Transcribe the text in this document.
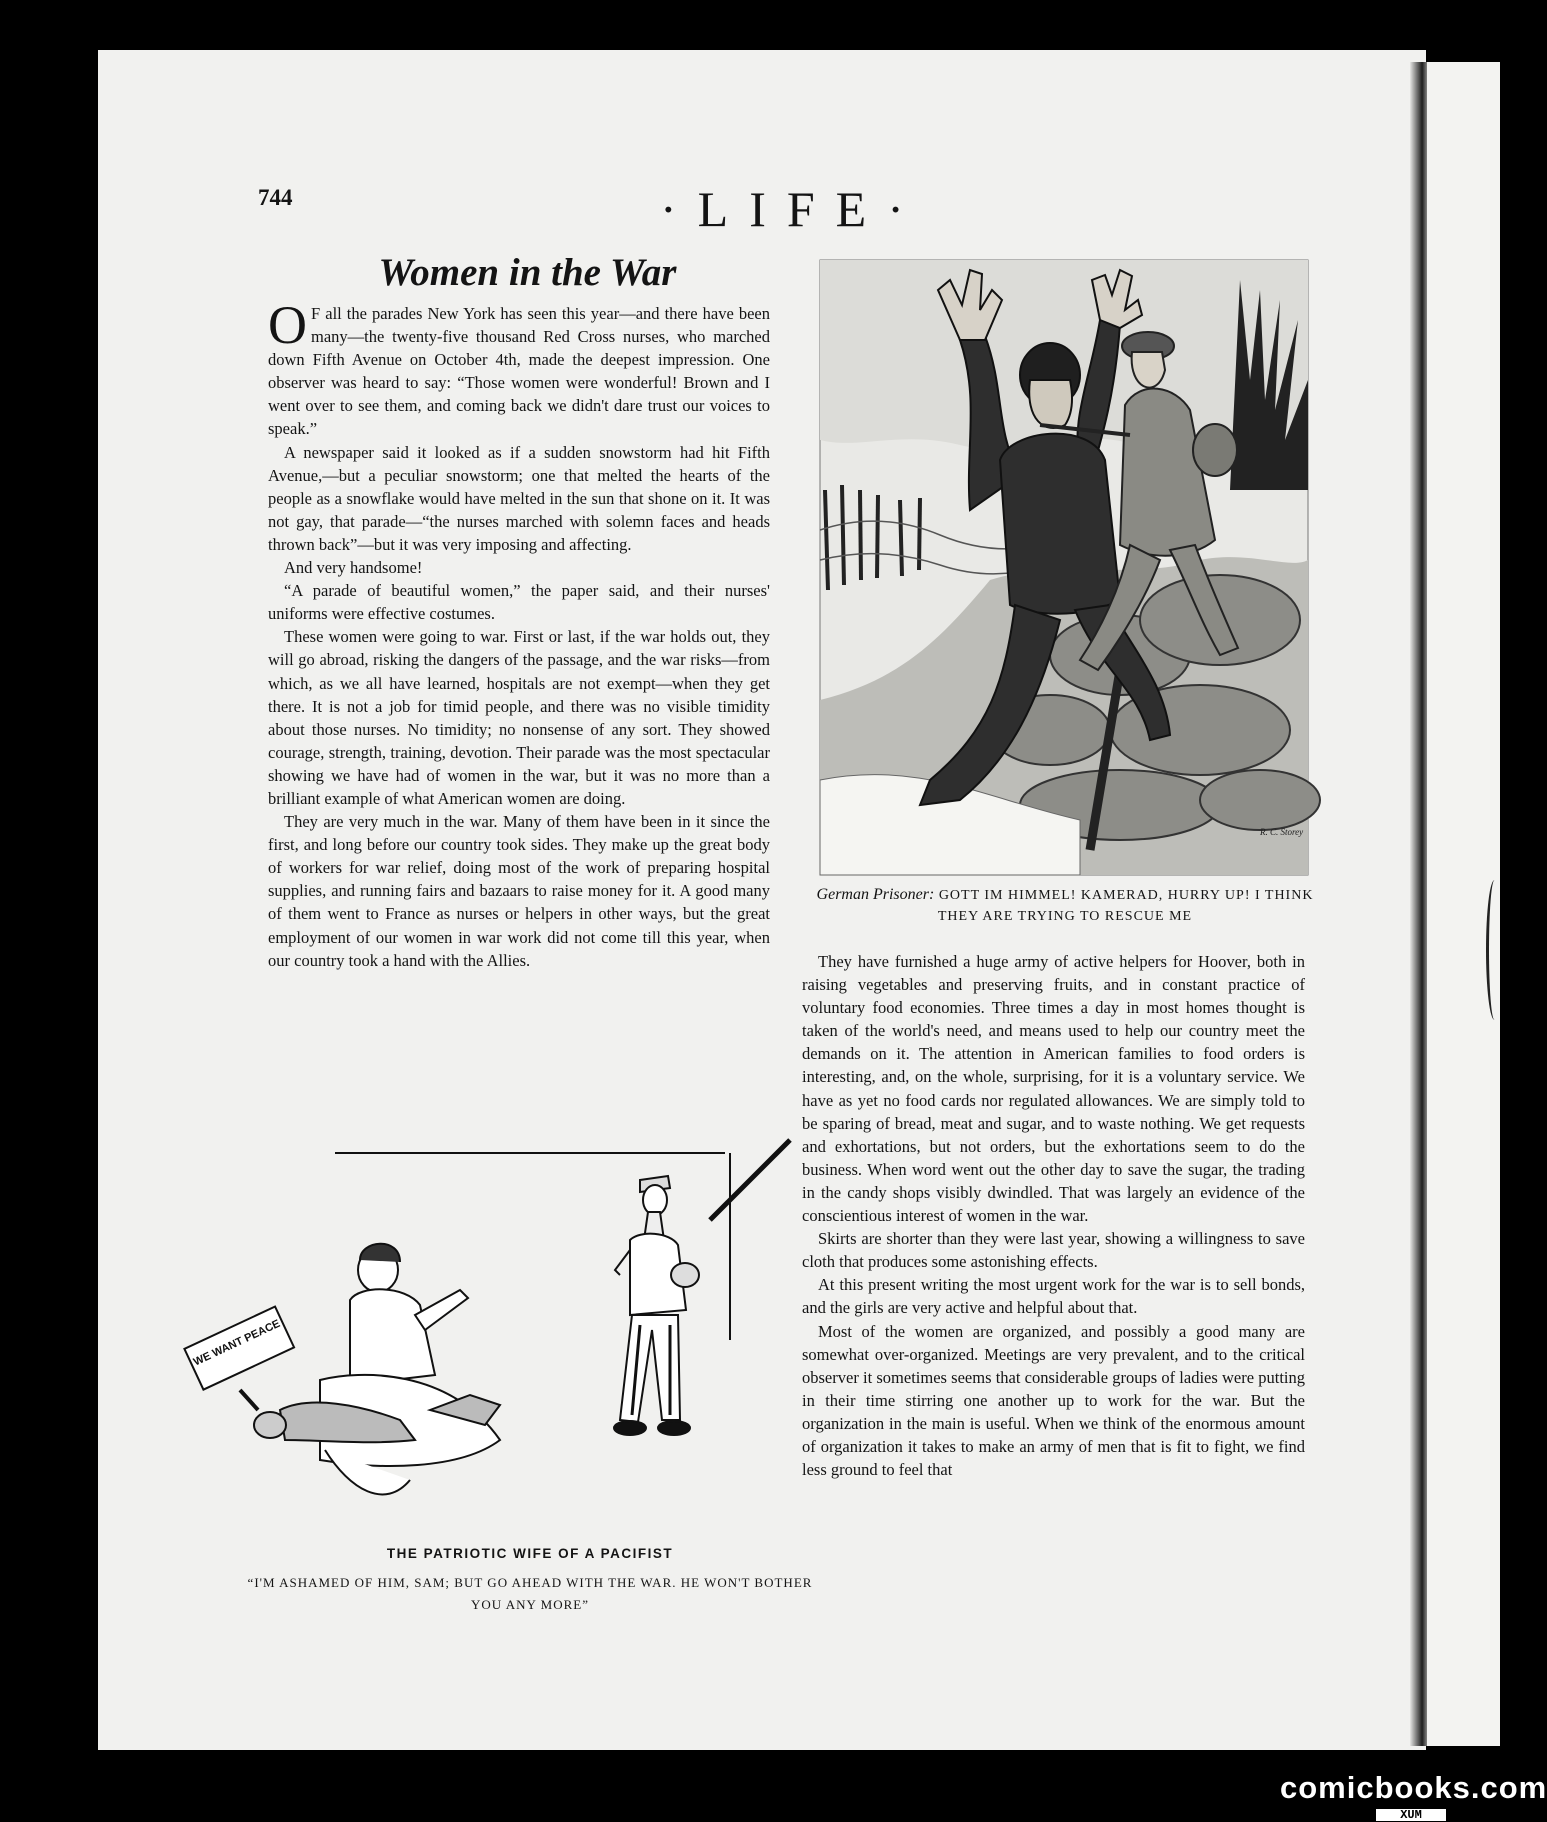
744	·LIFE·
Women in the War

O F all the parades New York has seen this year—and there have been many—the twenty-five thousand Red Cross nurses, who marched down Fifth Avenue on October 4th, made the deepest impression. One observer was heard to say: “Those women were wonderful! Brown and I went over to see them, and coming back we didn't dare trust our voices to speak.”

A newspaper said it looked as if a sudden snowstorm had hit Fifth Avenue,—but a peculiar snowstorm; one that melted the hearts of the people as a snowflake would have melted in the sun that shone on it. It was not gay, that parade—“the nurses marched with solemn faces and heads thrown back”—but it was very imposing and affecting.

And very handsome!

“A parade of beautiful women,” the paper said, and their nurses' uniforms were effective costumes.

These women were going to war. First or last, if the war holds out, they will go abroad, risking the dangers of the passage, and the war risks—from which, as we all have learned, hospitals are not exempt—when they get there. It is not a job for timid people, and there was no visible timidity about those nurses. No timidity; no nonsense of any sort. They showed courage, strength, training, devotion. Their parade was the most spectacular showing we have had of women in the war, but it was no more than a brilliant example of what American women are doing.

They are very much in the war. Many of them have been in it since the first, and long before our country took sides. They make up the great body of workers for war relief, doing most of the work of preparing hospital supplies, and running fairs and bazaars to raise money for it. A good many of them went to France as nurses or helpers in other ways, but the great employment of our women in war work did not come till this year, when our country took a hand with the Allies.

R. C. Storey
German Prisoner: GOTT IM HIMMEL! KAMERAD, HURRY UP! I THINK THEY ARE TRYING TO RESCUE ME
WE WANT PEACE
THE PATRIOTIC WIFE OF A PACIFIST
“I'M ASHAMED OF HIM, SAM; BUT GO AHEAD WITH THE WAR. HE WON'T BOTHER YOU ANY MORE”

They have furnished a huge army of active helpers for Hoover, both in raising vegetables and preserving fruits, and in constant practice of voluntary food economies. Three times a day in most homes thought is taken of the world's need, and means used to help our country meet the demands on it. The attention in American families to food orders is interesting, and, on the whole, surprising, for it is a voluntary service. We have as yet no food cards nor regulated allowances. We are simply told to be sparing of bread, meat and sugar, and to waste nothing. We get requests and exhortations, but not orders, but the exhortations seem to do the business. When word went out the other day to save the sugar, the trading in the candy shops visibly dwindled. That was largely an evidence of the conscientious interest of women in the war.

Skirts are shorter than they were last year, showing a willingness to save cloth that produces some astonishing effects.

At this present writing the most urgent work for the war is to sell bonds, and the girls are very active and helpful about that.

Most of the women are organized, and possibly a good many are somewhat over-organized. Meetings are very prevalent, and to the critical observer it sometimes seems that considerable groups of ladies were putting in their time stirring one another up to work for the war. But the organization in the main is useful. When we think of the enormous amount of organization it takes to make an army of men that is fit to fight, we find less ground to feel that

comicbooks.com
XUM
